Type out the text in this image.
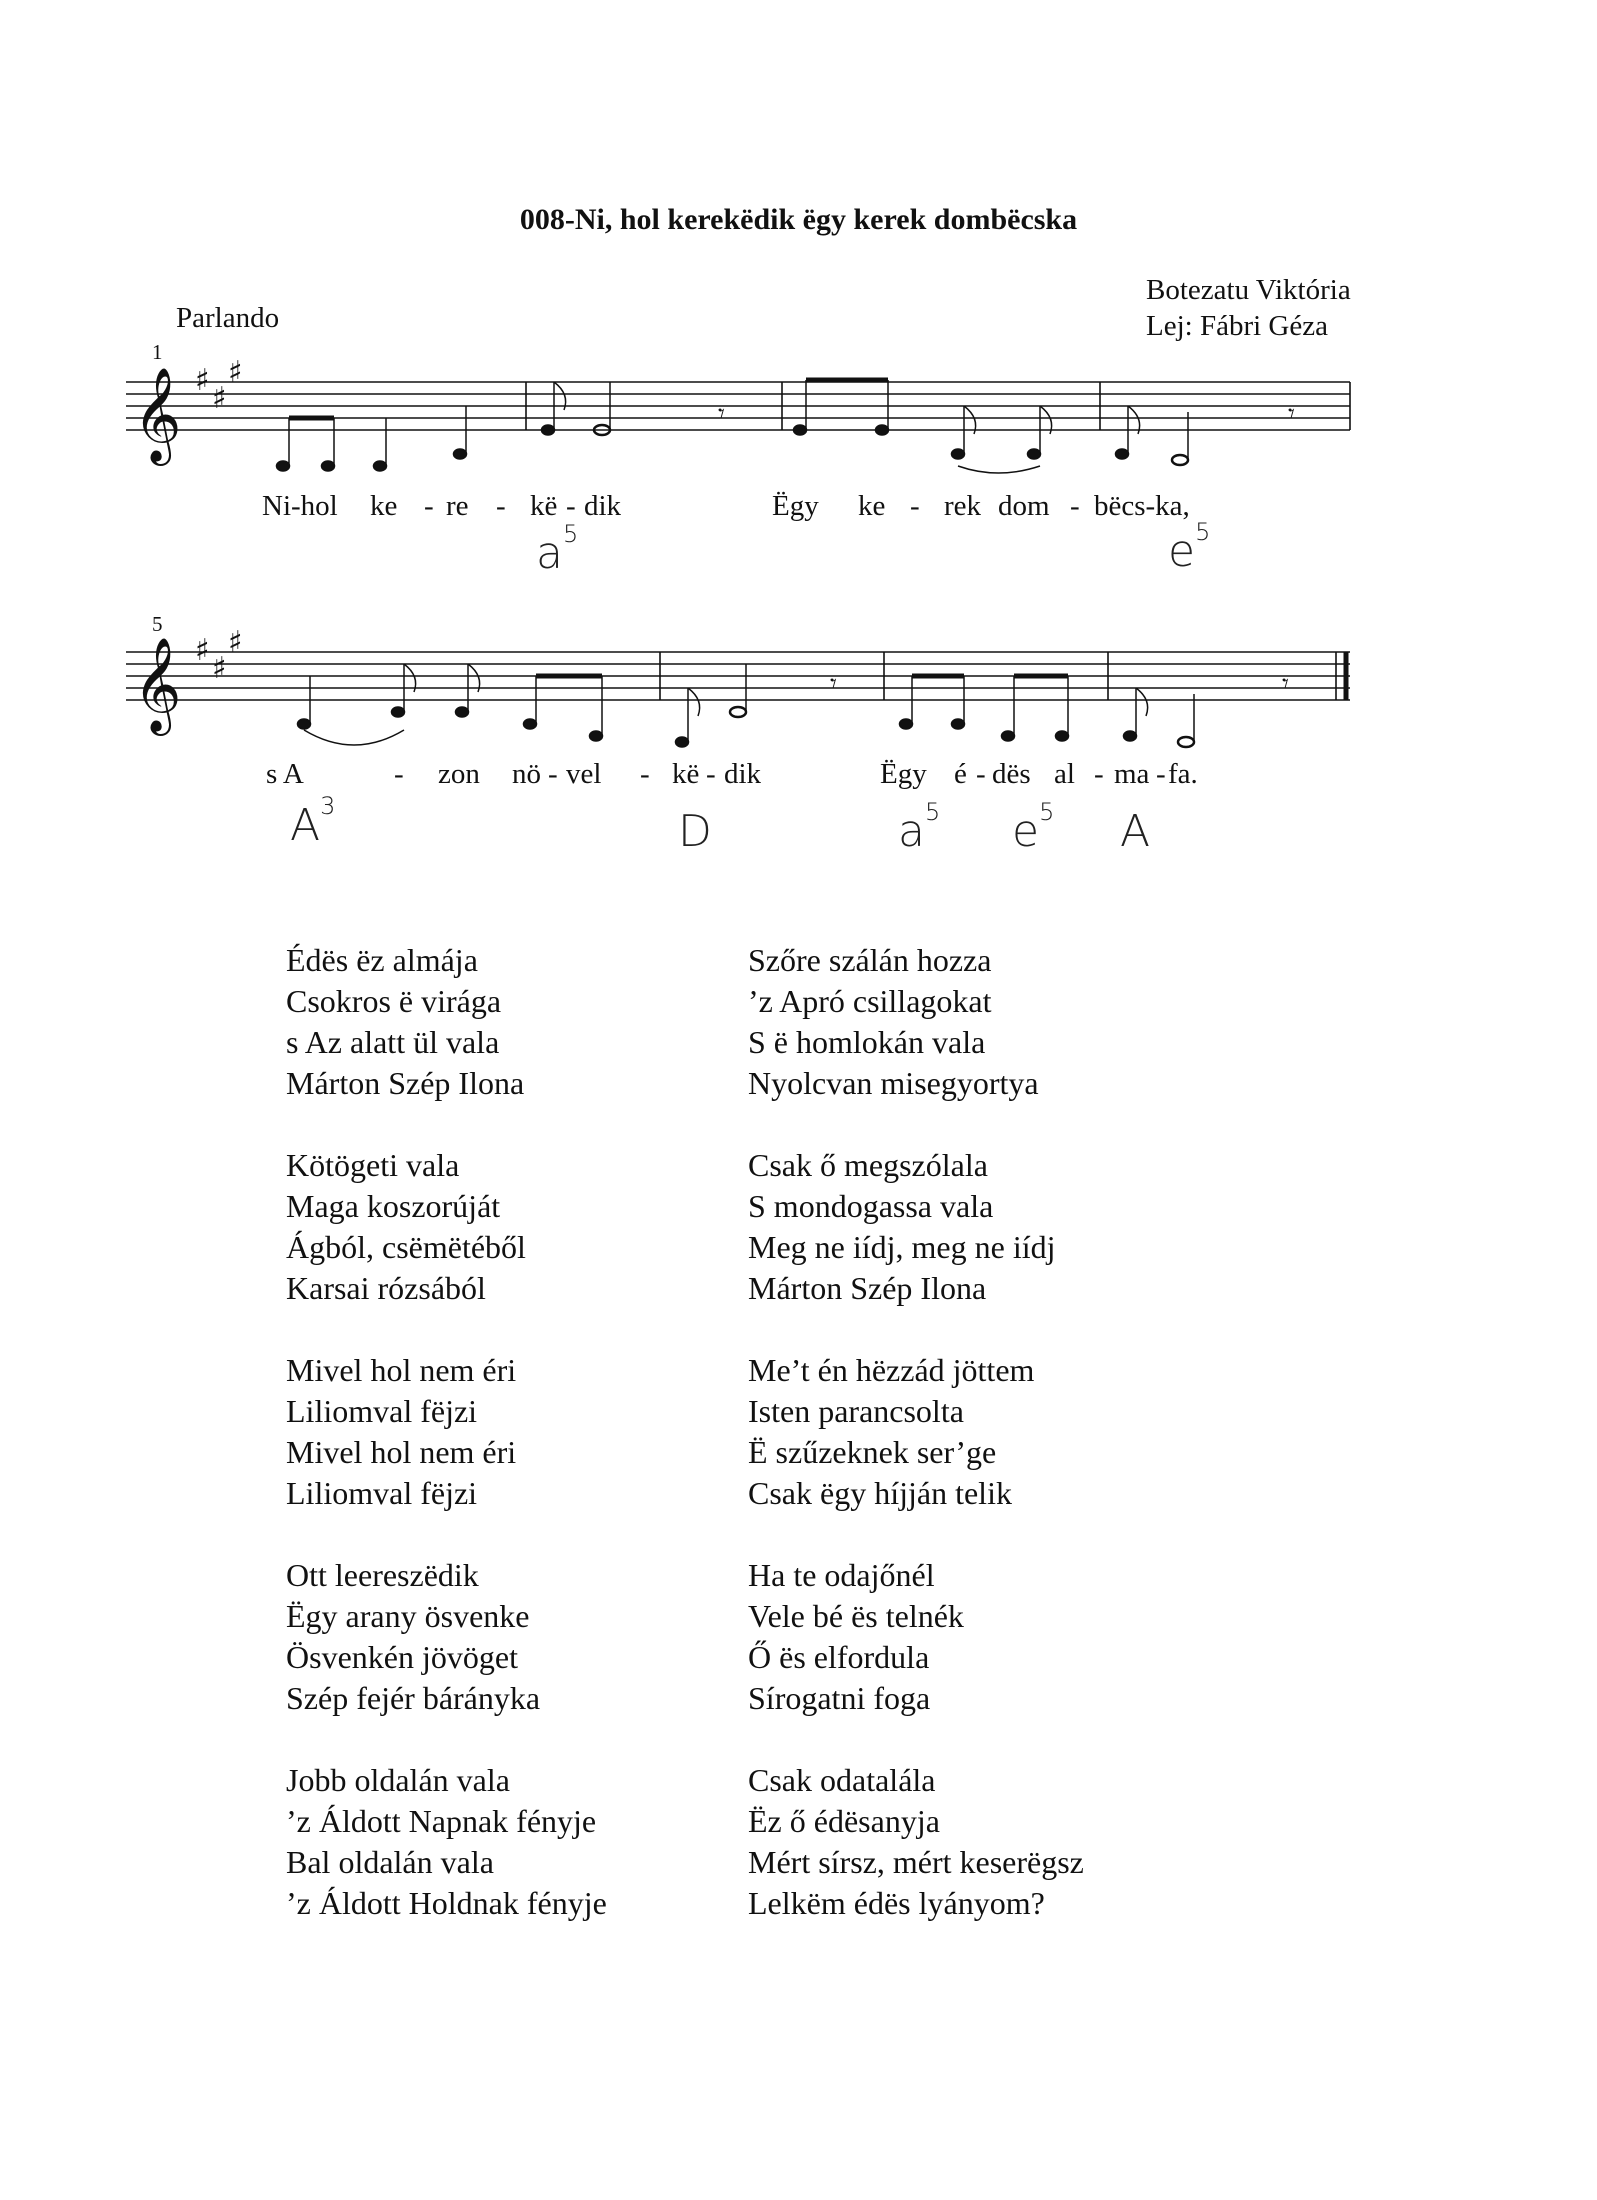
008-Ni, hol kerekëdik ëgy kerek dombëcska
Parlando
Botezatu Viktória
Lej: Fábri Géza
1
𝄞 ♯
♯
♯
𝄾	𝄾
Ni-hol ke - re - kë - dik	Ëgy ke - rek dom - bëcs-ka,
$a^5$	$e^5$
5
𝄞 ♯
♯
♯
𝄾	𝄾
s A	- zon nö - vel - kë - dik	Ëgy é - dës al - ma - fa.
$A^3$	D	$a^5$ $e^5$ A
Édës ëz almája
Csokros ë virága
s Az alatt ül vala
Márton Szép Ilona
Kötögeti vala
Maga koszorúját
Ágból, csëmëtéből
Karsai rózsából
Mivel hol nem éri
Liliomval fëjzi
Mivel hol nem éri
Liliomval fëjzi
Ott leereszëdik
Ëgy arany ösvenke
Ösvenkén jövöget
Szép fejér bárányka
Jobb oldalán vala
’z Áldott Napnak fényje
Bal oldalán vala
’z Áldott Holdnak fényje
Szőre szálán hozza
’z Apró csillagokat
S ë homlokán vala
Nyolcvan misegyortya
Csak ő megszólala
S mondogassa vala
Meg ne iídj, meg ne iídj
Márton Szép Ilona
Me’t én hëzzád jöttem
Isten parancsolta
Ë szűzeknek ser’ge
Csak ëgy híjján telik
Ha te odajőnél
Vele bé ës telnék
Ő ës elfordula
Sírogatni foga
Csak odatalála
Ëz ő édësanyja
Mért sírsz, mért keserëgsz
Lelkëm édës lyányom?
